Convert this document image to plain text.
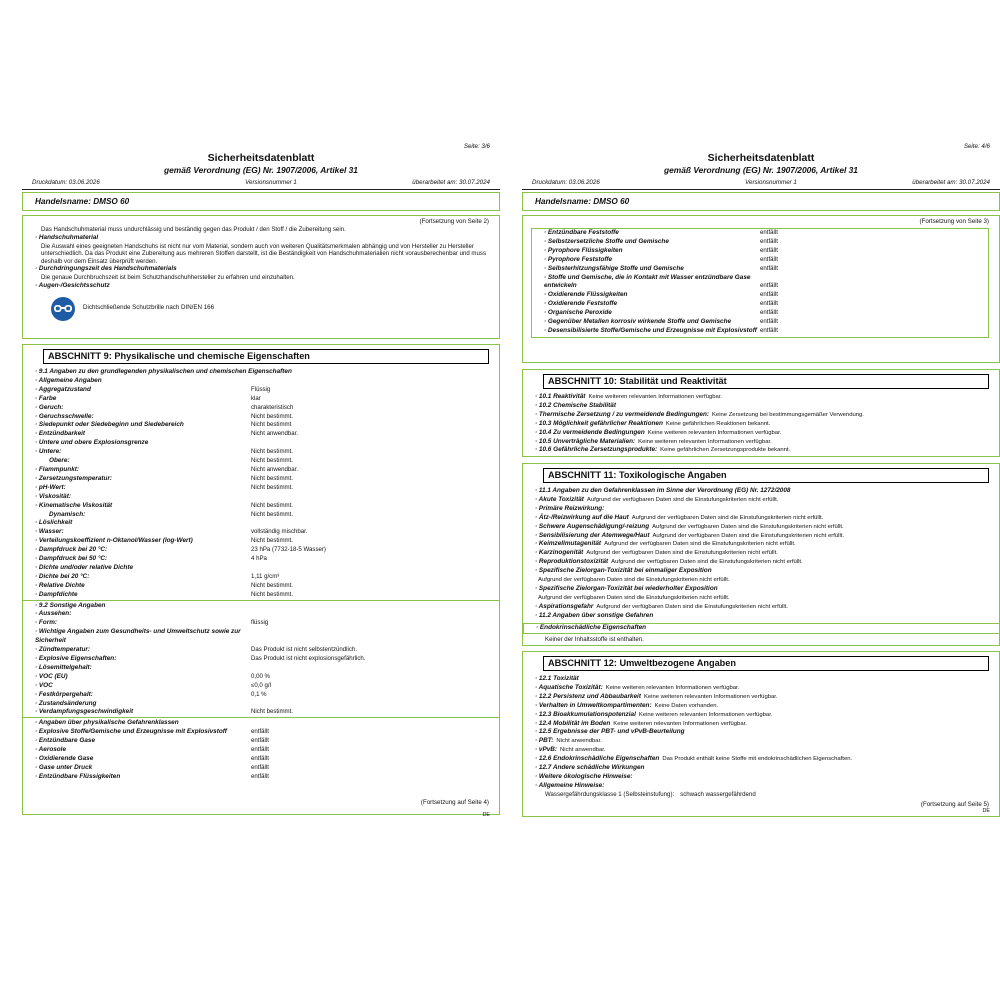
Seite: 3/6
Sicherheitsdatenblatt
gemäß Verordnung (EG) Nr. 1907/2006, Artikel 31
Druckdatum: 03.06.2026	Versionsnummer 1	überarbeitet am: 30.07.2024
Handelsname: DMSO 60
(Fortsetzung von Seite 2)
Das Handschuhmaterial muss undurchlässig und beständig gegen das Produkt / den Stoff / die Zubereitung sein.
· Handschuhmaterial
Die Auswahl eines geeigneten Handschuhs ist nicht nur vom Material, sondern auch von weiteren Qualitätsmerkmalen abhängig und von Hersteller zu Hersteller unterschiedlich. Da das Produkt eine Zubereitung aus mehreren Stoffen darstellt, ist die Beständigkeit von Handschuhmaterialien nicht vorausberechenbar und muss deshalb vor dem Einsatz überprüft werden.
· Durchdringungszeit des Handschuhmaterials
Die genaue Durchbruchszeit ist beim Schutzhandschuhhersteller zu erfahren und einzuhalten.
· Augen-/Gesichtsschutz
Dichtschließende Schutzbrille nach DIN/EN 166
ABSCHNITT 9: Physikalische und chemische Eigenschaften
· 9.1 Angaben zu den grundlegenden physikalischen und chemischen Eigenschaften
· Allgemeine Angaben
· Aggregatzustand	Flüssig
· Farbe	klar
· Geruch:	charakteristisch
· Geruchsschwelle:	Nicht bestimmt.
· Siedepunkt oder Siedebeginn und Siedebereich	Nicht bestimmt
· Entzündbarkeit	Nicht anwendbar.
· Untere und obere Explosionsgrenze
· Untere:	Nicht bestimmt.
Obere:	Nicht bestimmt.
· Flammpunkt:	Nicht anwendbar.
· Zersetzungstemperatur:	Nicht bestimmt.
· pH-Wert:	Nicht bestimmt.
· Viskosität:
· Kinematische Viskosität	Nicht bestimmt.
Dynamisch:	Nicht bestimmt.
· Löslichkeit
· Wasser:	vollständig mischbar.
· Verteilungskoeffizient n-Oktanol/Wasser (log-Wert)	Nicht bestimmt.
· Dampfdruck bei 20 °C:	23 hPa (7732-18-5 Wasser)
· Dampfdruck bei 50 °C:	4 hPa
· Dichte und/oder relative Dichte
· Dichte bei 20 °C:	1,11 g/cm³
· Relative Dichte	Nicht bestimmt.
· Dampfdichte	Nicht bestimmt.
· 9.2 Sonstige Angaben
· Aussehen:
· Form:	flüssig
· Wichtige Angaben zum Gesundheits- und Umweltschutz sowie zur Sicherheit
· Zündtemperatur:	Das Produkt ist nicht selbstentzündlich.
· Explosive Eigenschaften:	Das Produkt ist nicht explosionsgefährlich.
· Lösemittelgehalt:
· VOC (EU)	0,00 %
· VOC	≤0,0 g/l
· Festkörpergehalt:	0,1 %
· Zustandsänderung
· Verdampfungsgeschwindigkeit	Nicht bestimmt.
· Angaben über physikalische Gefahrenklassen
· Explosive Stoffe/Gemische und Erzeugnisse mit Explosivstoff	entfällt
· Entzündbare Gase	entfällt
· Aerosole	entfällt
· Oxidierende Gase	entfällt
· Gase unter Druck	entfällt
· Entzündbare Flüssigkeiten	entfällt
(Fortsetzung auf Seite 4)
DE
Seite: 4/6
Sicherheitsdatenblatt
gemäß Verordnung (EG) Nr. 1907/2006, Artikel 31
Druckdatum: 03.06.2026	Versionsnummer 1	überarbeitet am: 30.07.2024
Handelsname: DMSO 60
(Fortsetzung von Seite 3)
· Entzündbare Feststoffe	entfällt
· Selbstzersetzliche Stoffe und Gemische	entfällt
· Pyrophore Flüssigkeiten	entfällt
· Pyrophore Feststoffe	entfällt
· Selbsterhitzungsfähige Stoffe und Gemische	entfällt
· Stoffe und Gemische, die in Kontakt mit Wasser entzündbare Gase entwickeln	entfällt
· Oxidierende Flüssigkeiten	entfällt
· Oxidierende Feststoffe	entfällt
· Organische Peroxide	entfällt
· Gegenüber Metallen korrosiv wirkende Stoffe und Gemische	entfällt
· Desensibilisierte Stoffe/Gemische und Erzeugnisse mit Explosivstoff entfällt
ABSCHNITT 10: Stabilität und Reaktivität
· 10.1 Reaktivität Keine weiteren relevanten Informationen verfügbar.
· 10.2 Chemische Stabilität
· Thermische Zersetzung / zu vermeidende Bedingungen: Keine Zersetzung bei bestimmungsgemäßer Verwendung.
· 10.3 Möglichkeit gefährlicher Reaktionen Keine gefährlichen Reaktionen bekannt.
· 10.4 Zu vermeidende Bedingungen Keine weiteren relevanten Informationen verfügbar.
· 10.5 Unverträgliche Materialien: Keine weiteren relevanten Informationen verfügbar.
· 10.6 Gefährliche Zersetzungsprodukte: Keine gefährlichen Zersetzungsprodukte bekannt.
ABSCHNITT 11: Toxikologische Angaben
· 11.1 Angaben zu den Gefahrenklassen im Sinne der Verordnung (EG) Nr. 1272/2008
· Akute Toxizität Aufgrund der verfügbaren Daten sind die Einstufungskriterien nicht erfüllt.
· Primäre Reizwirkung:
· Ätz-/Reizwirkung auf die Haut Aufgrund der verfügbaren Daten sind die Einstufungskriterien nicht erfüllt.
· Schwere Augenschädigung/-reizung Aufgrund der verfügbaren Daten sind die Einstufungskriterien nicht erfüllt.
· Sensibilisierung der Atemwege/Haut Aufgrund der verfügbaren Daten sind die Einstufungskriterien nicht erfüllt.
· Keimzellmutagenität Aufgrund der verfügbaren Daten sind die Einstufungskriterien nicht erfüllt.
· Karzinogenität Aufgrund der verfügbaren Daten sind die Einstufungskriterien nicht erfüllt.
· Reproduktionstoxizität Aufgrund der verfügbaren Daten sind die Einstufungskriterien nicht erfüllt.
· Spezifische Zielorgan-Toxizität bei einmaliger Exposition
Aufgrund der verfügbaren Daten sind die Einstufungskriterien nicht erfüllt.
· Spezifische Zielorgan-Toxizität bei wiederholter Exposition
Aufgrund der verfügbaren Daten sind die Einstufungskriterien nicht erfüllt.
· Aspirationsgefahr Aufgrund der verfügbaren Daten sind die Einstufungskriterien nicht erfüllt.
· 11.2 Angaben über sonstige Gefahren
· Endokrinschädliche Eigenschaften
Keiner der Inhaltsstoffe ist enthalten.
ABSCHNITT 12: Umweltbezogene Angaben
· 12.1 Toxizität
· Aquatische Toxizität: Keine weiteren relevanten Informationen verfügbar.
· 12.2 Persistenz und Abbaubarkeit Keine weiteren relevanten Informationen verfügbar.
· Verhalten in Umweltkompartimenten: Keine Daten vorhanden.
· 12.3 Bioakkumulationspotenzial Keine weiteren relevanten Informationen verfügbar.
· 12.4 Mobilität im Boden Keine weiteren relevanten Informationen verfügbar.
· 12.5 Ergebnisse der PBT- und vPvB-Beurteilung
· PBT: Nicht anwendbar.
· vPvB: Nicht anwendbar.
· 12.6 Endokrinschädliche Eigenschaften Das Produkt enthält keine Stoffe mit endokrinschädlichen Eigenschaften.
· 12.7 Andere schädliche Wirkungen
· Weitere ökologische Hinweise:
· Allgemeine Hinweise:
Wassergefährdungsklasse 1 (Selbsteinstufung): schwach wassergefährdend
(Fortsetzung auf Seite 5)
DE
